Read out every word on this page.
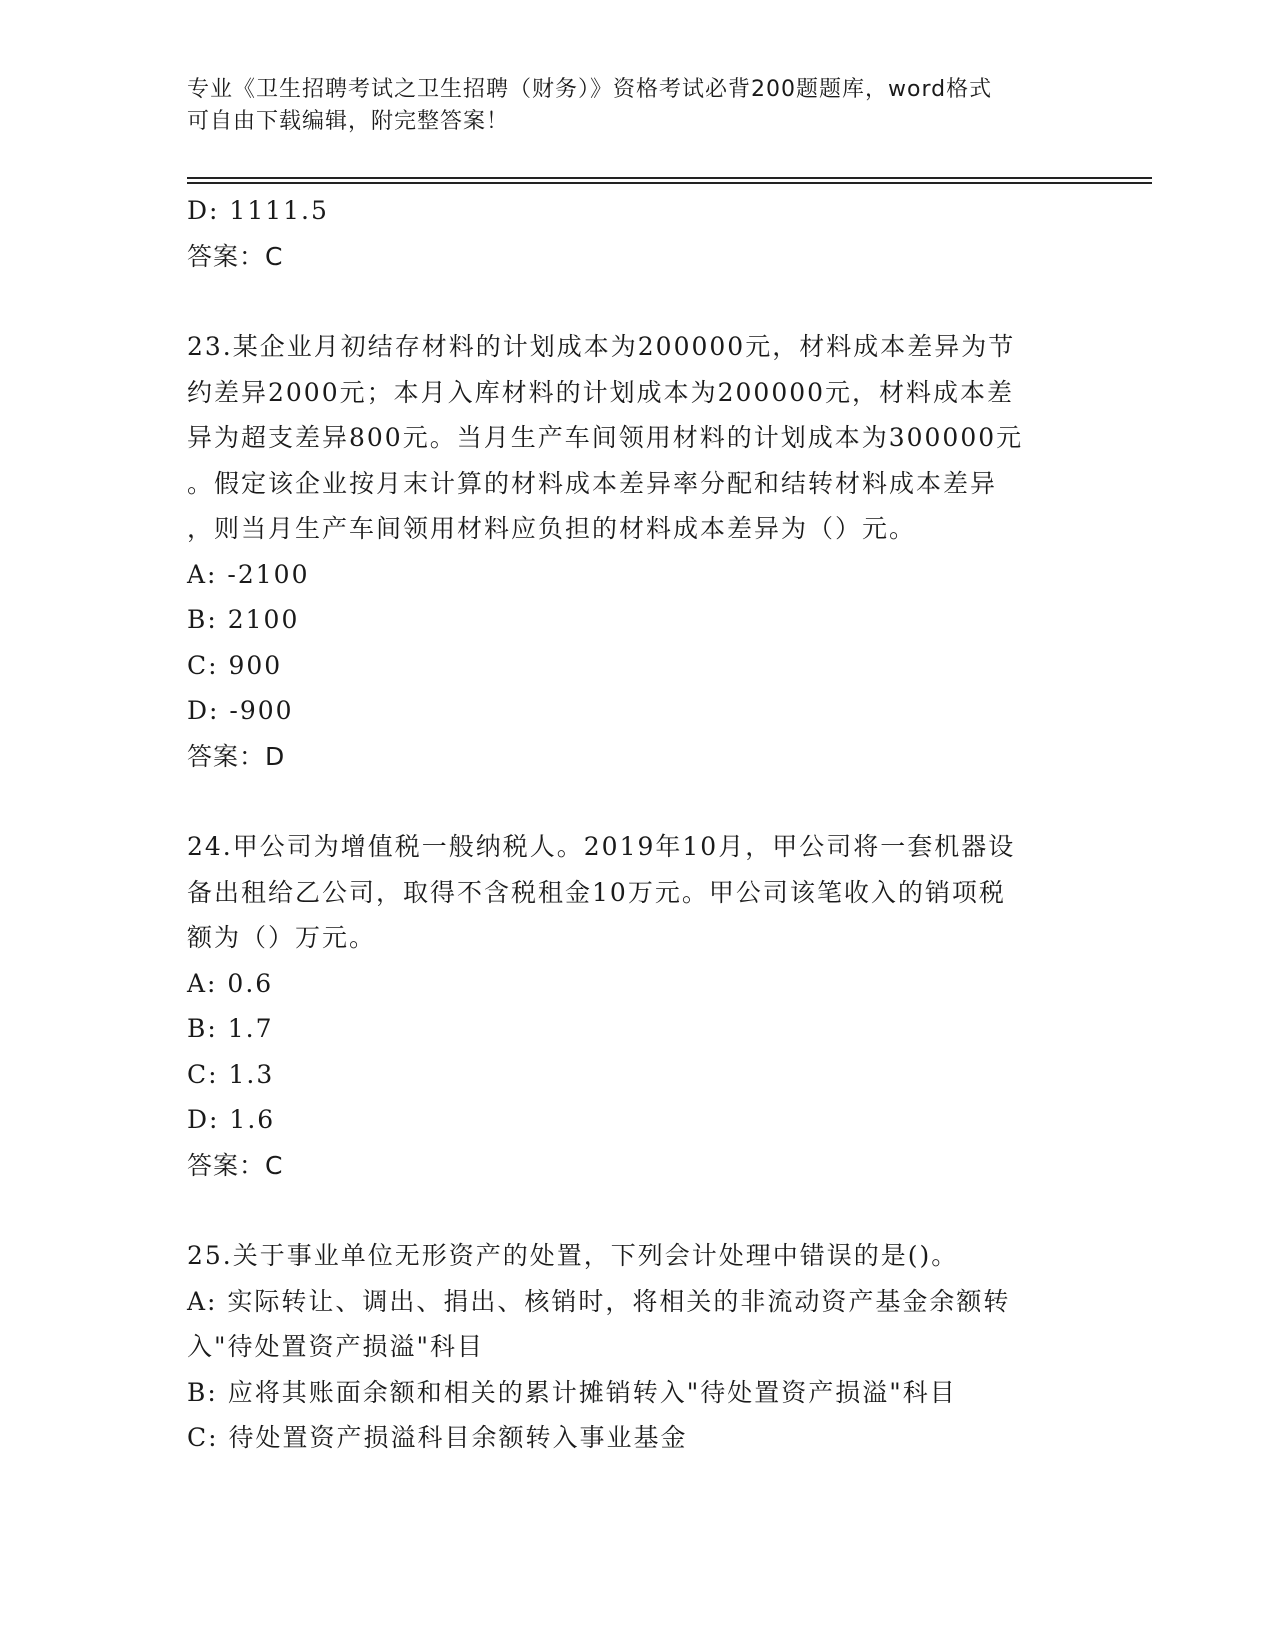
专业《卫生招聘考试之卫生招聘（财务）》资格考试必背200题题库，word格式
可自由下载编辑，附完整答案！
D: 1111.5
答案：C
23.某企业月初结存材料的计划成本为200000元，材料成本差异为节
约差异2000元；本月入库材料的计划成本为200000元，材料成本差
异为超支差异800元。当月生产车间领用材料的计划成本为300000元
。假定该企业按月末计算的材料成本差异率分配和结转材料成本差异
，则当月生产车间领用材料应负担的材料成本差异为（）元。
A: -2100
B: 2100
C: 900
D: -900
答案：D
24.甲公司为增值税一般纳税人。2019年10月，甲公司将一套机器设
备出租给乙公司，取得不含税租金10万元。甲公司该笔收入的销项税
额为（）万元。
A: 0.6
B: 1.7
C: 1.3
D: 1.6
答案：C
25.关于事业单位无形资产的处置，下列会计处理中错误的是()。
A: 实际转让、调出、捐出、核销时，将相关的非流动资产基金余额转
入"待处置资产损溢"科目
B: 应将其账面余额和相关的累计摊销转入"待处置资产损溢"科目
C: 待处置资产损溢科目余额转入事业基金
